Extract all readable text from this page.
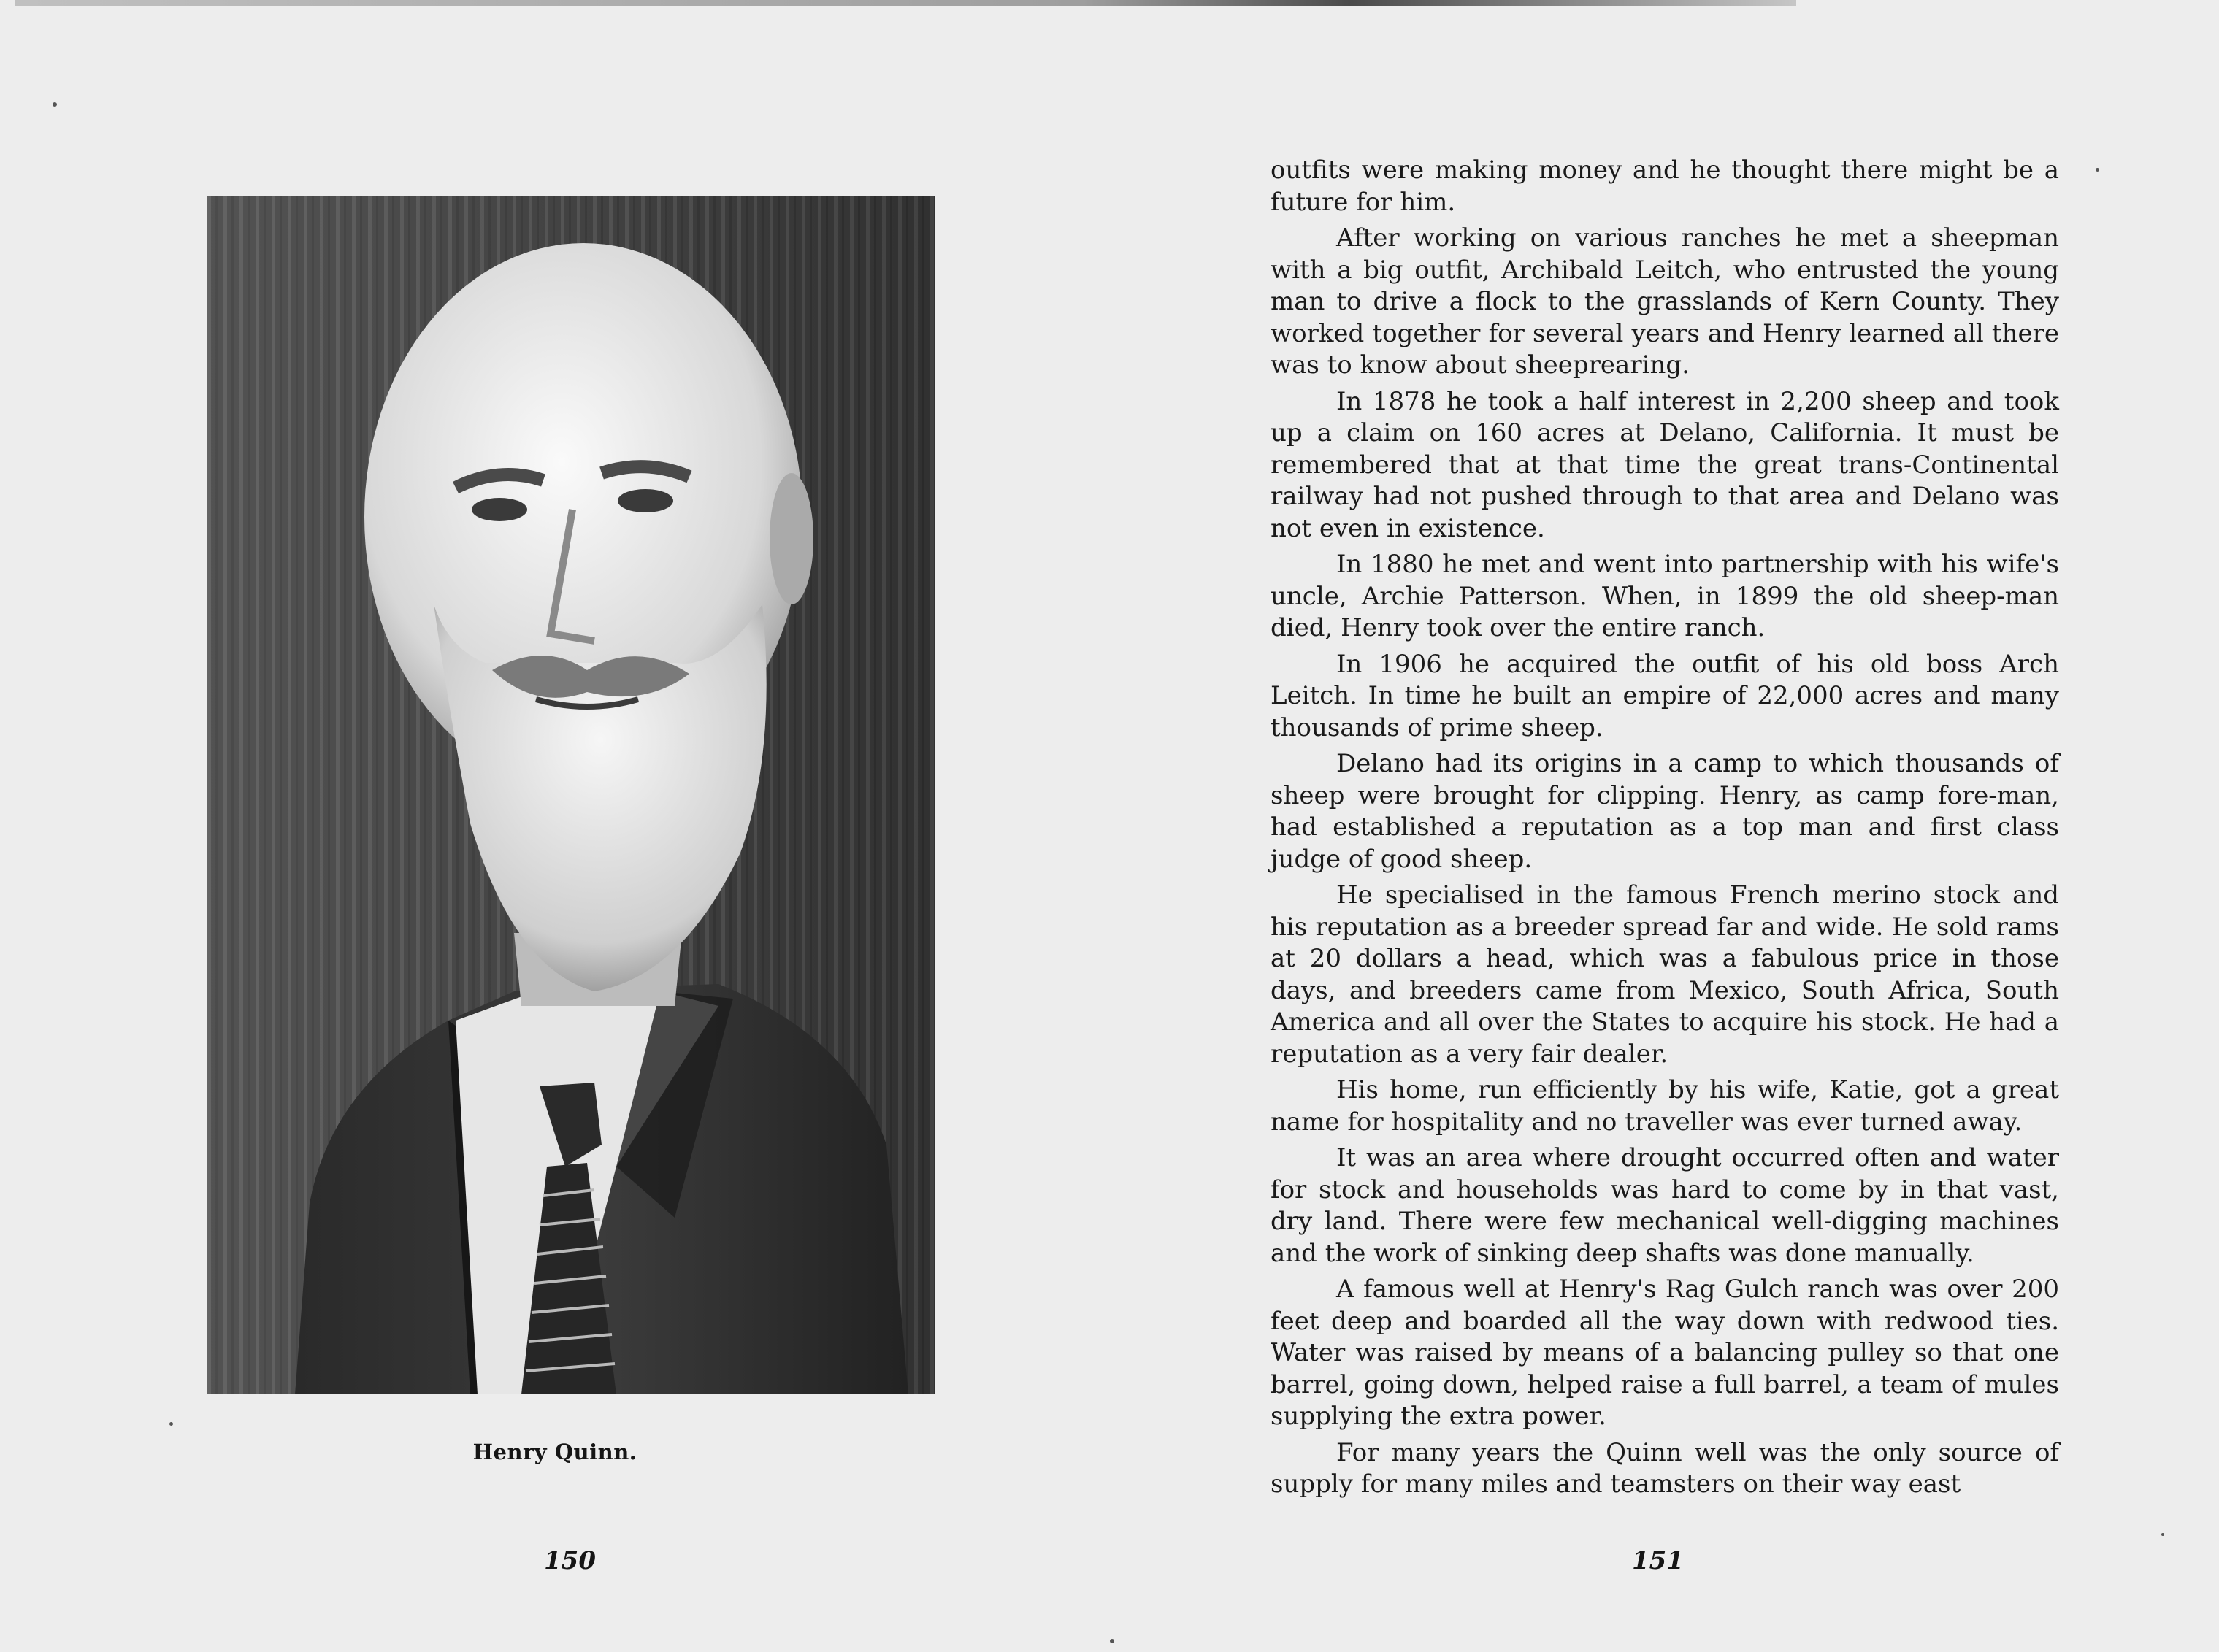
Henry Quinn.
150

outfits were making money and he thought there might be a future for him.

After working on various ranches he met a sheepman with a big outfit, Archibald Leitch, who entrusted the young man to drive a flock to the grasslands of Kern County. They worked together for several years and Henry learned all there was to know about sheeprearing.

In 1878 he took a half interest in 2,200 sheep and took up a claim on 160 acres at Delano, California. It must be remembered that at that time the great trans-Continental railway had not pushed through to that area and Delano was not even in existence.

In 1880 he met and went into partnership with his wife's uncle, Archie Patterson. When, in 1899 the old sheep-man died, Henry took over the entire ranch.

In 1906 he acquired the outfit of his old boss Arch Leitch. In time he built an empire of 22,000 acres and many thousands of prime sheep.

Delano had its origins in a camp to which thousands of sheep were brought for clipping. Henry, as camp fore-man, had established a reputation as a top man and first class judge of good sheep.

He specialised in the famous French merino stock and his reputation as a breeder spread far and wide. He sold rams at 20 dollars a head, which was a fabulous price in those days, and breeders came from Mexico, South Africa, South America and all over the States to acquire his stock. He had a reputation as a very fair dealer.

His home, run efficiently by his wife, Katie, got a great name for hospitality and no traveller was ever turned away.

It was an area where drought occurred often and water for stock and households was hard to come by in that vast, dry land. There were few mechanical well-digging machines and the work of sinking deep shafts was done manually.

A famous well at Henry's Rag Gulch ranch was over 200 feet deep and boarded all the way down with redwood ties. Water was raised by means of a balancing pulley so that one barrel, going down, helped raise a full barrel, a team of mules supplying the extra power.

For many years the Quinn well was the only source of supply for many miles and teamsters on their way east

151
